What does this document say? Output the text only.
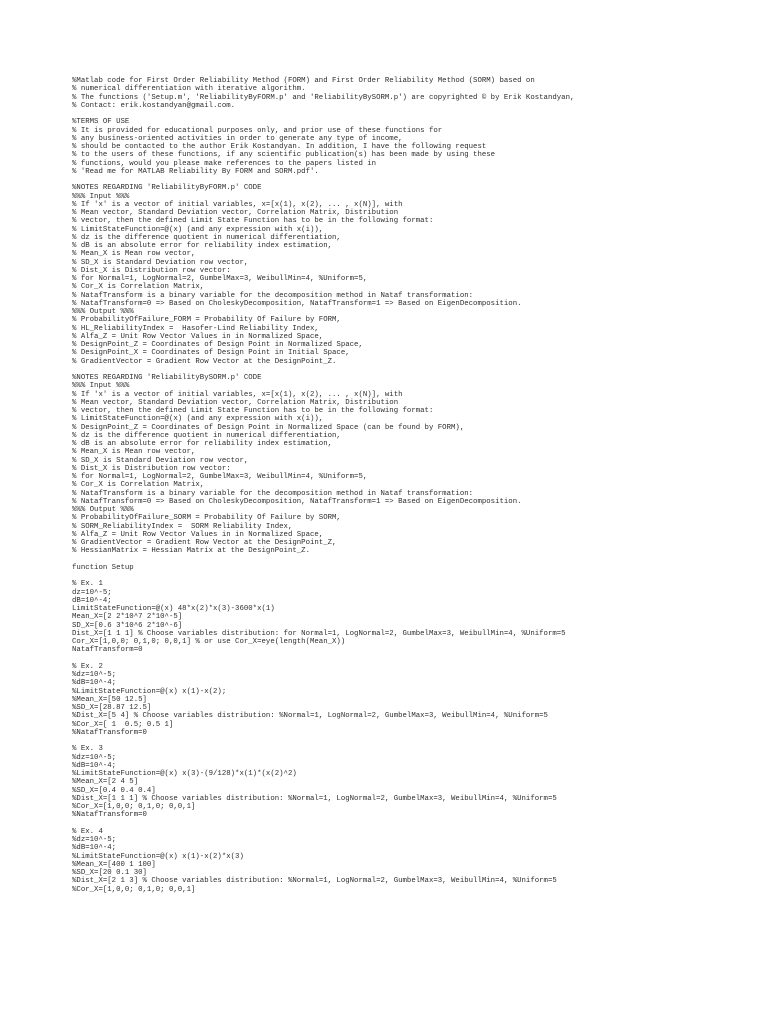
%Matlab code for First Order Reliability Method (FORM) and First Order Reliability Method (SORM) based on
% numerical differentiation with iterative algorithm.
% The functions ('Setup.m', 'ReliabilityByFORM.p' and 'ReliabilityBySORM.p') are copyrighted © by Erik Kostandyan,
% Contact: erik.kostandyan@gmail.com.
%TERMS OF USE
% It is provided for educational purposes only, and prior use of these functions for
% any business-oriented activities in order to generate any type of income,
% should be contacted to the author Erik Kostandyan. In addition, I have the following request
% to the users of these functions, if any scientific publication(s) has been made by using these
% functions, would you please make references to the papers listed in
% 'Read me for MATLAB Reliability By FORM and SORM.pdf'.
%NOTES REGARDING 'ReliabilityByFORM.p' CODE
%%% Input %%%
% If 'x' is a vector of initial variables, x=[x(1), x(2), ... , x(N)], with
% Mean vector, Standard Deviation vector, Correlation Matrix, Distribution
% vector, then the defined Limit State Function has to be in the following format:
% LimitStateFunction=@(x) (and any expression with x(i)),
% dz is the difference quotient in numerical differentiation,
% dB is an absolute error for reliability index estimation,
% Mean_X is Mean row vector,
% SD_X is Standard Deviation row vector,
% Dist_X is Distribution row vector:
% for Normal=1, LogNormal=2, GumbelMax=3, WeibullMin=4, %Uniform=5,
% Cor_X is Correlation Matrix,
% NatafTransform is a binary variable for the decomposition method in Nataf transformation:
% NatafTransform=0 => Based on CholeskyDecomposition, NatafTransform=1 => Based on EigenDecomposition.
%%% Output %%%
% ProbabilityOfFailure_FORM = Probability Of Failure by FORM,
% HL_ReliabilityIndex =  Hasofer-Lind Reliability Index,
% Alfa_Z = Unit Row Vector Values in in Normalized Space,
% DesignPoint_Z = Coordinates of Design Point in Normalized Space,
% DesignPoint_X = Coordinates of Design Point in Initial Space,
% GradientVector = Gradient Row Vector at the DesignPoint_Z.
%NOTES REGARDING 'ReliabilityBySORM.p' CODE
%%% Input %%%
% If 'x' is a vector of initial variables, x=[x(1), x(2), ... , x(N)], with
% Mean vector, Standard Deviation vector, Correlation Matrix, Distribution
% vector, then the defined Limit State Function has to be in the following format:
% LimitStateFunction=@(x) (and any expression with x(i)),
% DesignPoint_Z = Coordinates of Design Point in Normalized Space (can be found by FORM),
% dz is the difference quotient in numerical differentiation,
% dB is an absolute error for reliability index estimation,
% Mean_X is Mean row vector,
% SD_X is Standard Deviation row vector,
% Dist_X is Distribution row vector:
% for Normal=1, LogNormal=2, GumbelMax=3, WeibullMin=4, %Uniform=5,
% Cor_X is Correlation Matrix,
% NatafTransform is a binary variable for the decomposition method in Nataf transformation:
% NatafTransform=0 => Based on CholeskyDecomposition, NatafTransform=1 => Based on EigenDecomposition.
%%% Output %%%
% ProbabilityOfFailure_SORM = Probability Of Failure by SORM,
% SORM_ReliabilityIndex =  SORM Reliability Index,
% Alfa_Z = Unit Row Vector Values in in Normalized Space,
% GradientVector = Gradient Row Vector at the DesignPoint_Z,
% HessianMatrix = Hessian Matrix at the DesignPoint_Z.
function Setup
% Ex. 1
dz=10^-5;
dB=10^-4;
LimitStateFunction=@(x) 48*x(2)*x(3)-3600*x(1)
Mean_X=[2 2*10^7 2*10^-5]
SD_X=[0.6 3*10^6 2*10^-6]
Dist_X=[1 1 1] % Choose variables distribution: for Normal=1, LogNormal=2, GumbelMax=3, WeibullMin=4, %Uniform=5
Cor_X=[1,0,0; 0,1,0; 0,0,1] % or use Cor_X=eye(length(Mean_X))
NatafTransform=0
% Ex. 2
%dz=10^-5;
%dB=10^-4;
%LimitStateFunction=@(x) x(1)-x(2);
%Mean_X=[50 12.5]
%SD_X=[28.87 12.5]
%Dist_X=[5 4] % Choose variables distribution: %Normal=1, LogNormal=2, GumbelMax=3, WeibullMin=4, %Uniform=5
%Cor_X=[ 1  0.5; 0.5 1]
%NatafTransform=0
% Ex. 3
%dz=10^-5;
%dB=10^-4;
%LimitStateFunction=@(x) x(3)-(9/128)*x(1)*(x(2)^2)
%Mean_X=[2 4 5]
%SD_X=[0.4 0.4 0.4]
%Dist_X=[1 1 1] % Choose variables distribution: %Normal=1, LogNormal=2, GumbelMax=3, WeibullMin=4, %Uniform=5
%Cor_X=[1,0,0; 0,1,0; 0,0,1]
%NatafTransform=0
% Ex. 4
%dz=10^-5;
%dB=10^-4;
%LimitStateFunction=@(x) x(1)-x(2)*x(3)
%Mean_X=[400 1 100]
%SD_X=[20 0.1 30]
%Dist_X=[2 1 3] % Choose variables distribution: %Normal=1, LogNormal=2, GumbelMax=3, WeibullMin=4, %Uniform=5
%Cor_X=[1,0,0; 0,1,0; 0,0,1]
